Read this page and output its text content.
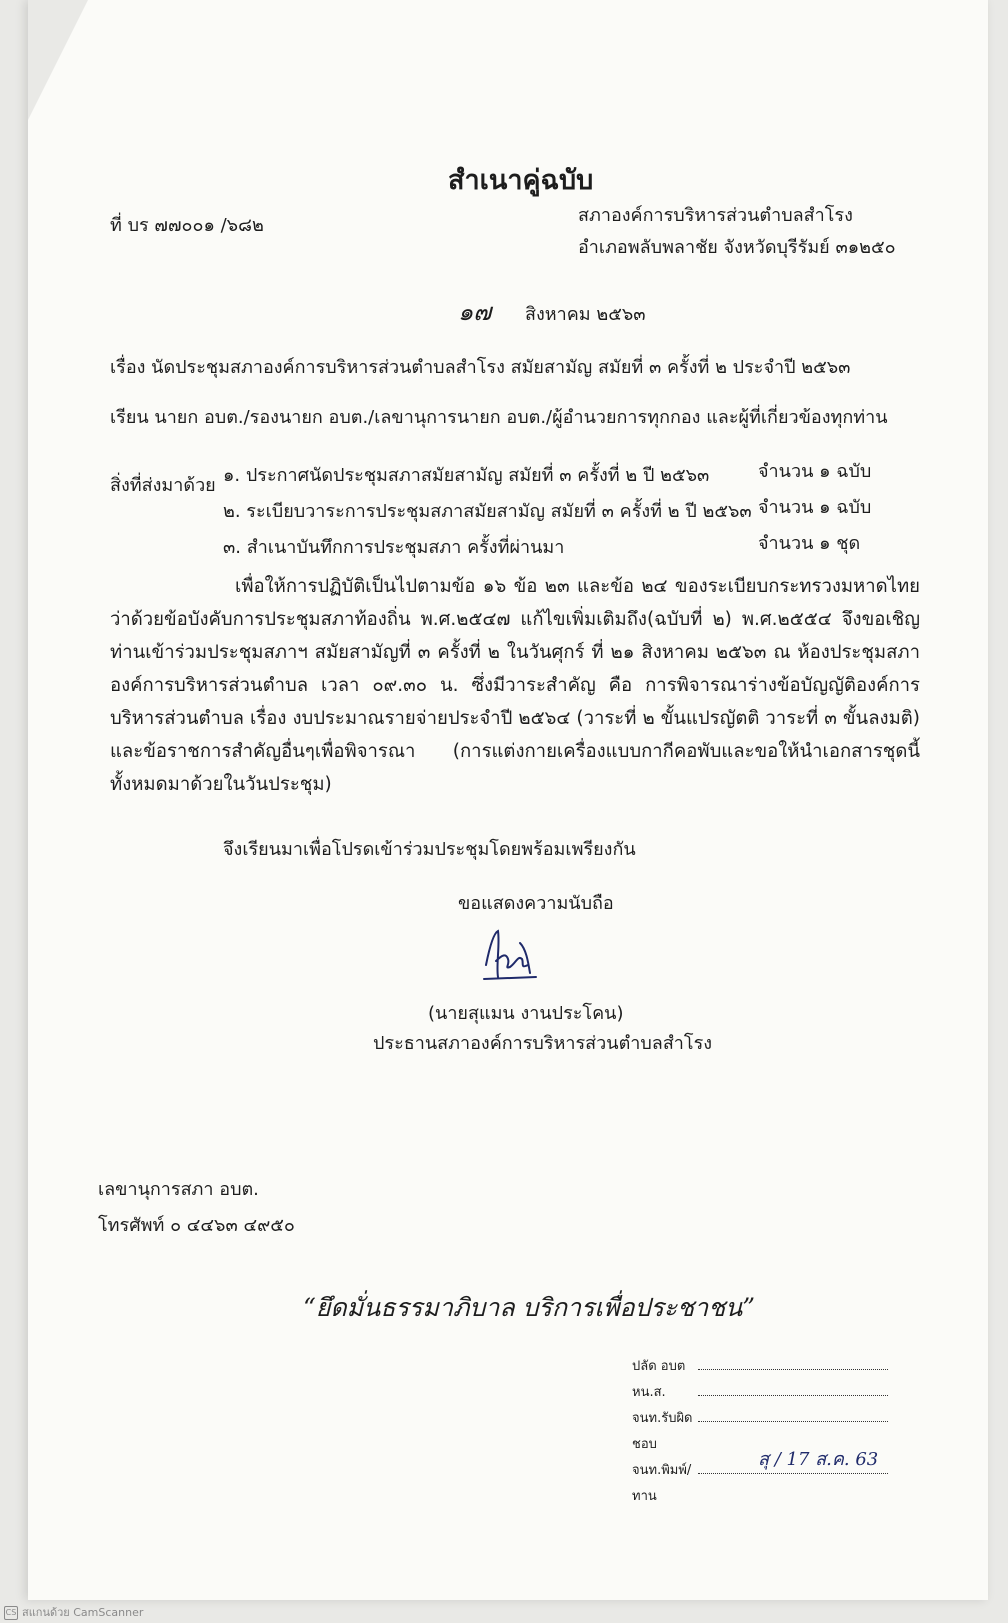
สำเนาคู่ฉบับ
ที่ บร ๗๗๐๐๑ /๖๘๒	สภาองค์การบริหารส่วนตำบลสำโรง
อำเภอพลับพลาชัย จังหวัดบุรีรัมย์ ๓๑๒๕๐
๑๗ สิงหาคม ๒๕๖๓
เรื่อง นัดประชุมสภาองค์การบริหารส่วนตำบลสำโรง สมัยสามัญ สมัยที่ ๓ ครั้งที่ ๒ ประจำปี ๒๕๖๓
เรียน นายก อบต./รองนายก อบต./เลขานุการนายก อบต./ผู้อำนวยการทุกกอง และผู้ที่เกี่ยวข้องทุกท่าน
สิ่งที่ส่งมาด้วย ๑. ประกาศนัดประชุมสภาสมัยสามัญ สมัยที่ ๓ ครั้งที่ ๒ ปี ๒๕๖๓
๒. ระเบียบวาระการประชุมสภาสมัยสามัญ สมัยที่ ๓ ครั้งที่ ๒ ปี ๒๕๖๓
๓. สำเนาบันทึกการประชุมสภา ครั้งที่ผ่านมา
จำนวน ๑ ฉบับ
จำนวน ๑ ฉบับ
จำนวน ๑ ชุด
เพื่อให้การปฏิบัติเป็นไปตามข้อ ๑๖ ข้อ ๒๓ และข้อ ๒๔ ของระเบียบกระทรวงมหาดไทยว่าด้วยข้อบังคับการประชุมสภาท้องถิ่น พ.ศ.๒๕๔๗ แก้ไขเพิ่มเติมถึง(ฉบับที่ ๒) พ.ศ.๒๕๕๔ จึงขอเชิญท่านเข้าร่วมประชุมสภาฯ สมัยสามัญที่ ๓ ครั้งที่ ๒ ในวันศุกร์ ที่ ๒๑ สิงหาคม ๒๕๖๓ ณ ห้องประชุมสภาองค์การบริหารส่วนตำบล เวลา ๐๙.๓๐ น. ซึ่งมีวาระสำคัญ คือ การพิจารณาร่างข้อบัญญัติองค์การบริหารส่วนตำบล เรื่อง งบประมาณรายจ่ายประจำปี ๒๕๖๔ (วาระที่ ๒ ขั้นแปรญัตติ วาระที่ ๓ ขั้นลงมติ) และข้อราชการสำคัญอื่นๆเพื่อพิจารณา (การแต่งกายเครื่องแบบกากีคอพับและขอให้นำเอกสารชุดนี้ทั้งหมดมาด้วยในวันประชุม)
จึงเรียนมาเพื่อโปรดเข้าร่วมประชุมโดยพร้อมเพรียงกัน
ขอแสดงความนับถือ
(นายสุแมน งานประโคน)
ประธานสภาองค์การบริหารส่วนตำบลสำโรง
เลขานุการสภา อบต.
โทรศัพท์ ๐ ๔๔๖๓ ๔๙๕๐
“ยึดมั่นธรรมาภิบาล บริการเพื่อประชาชน”
ปลัด อบต
หน.ส.
จนท.รับผิดชอบ
จนท.พิมพ์/ทาน
สุ / 17 ส.ค. 63
CS สแกนด้วย CamScanner
